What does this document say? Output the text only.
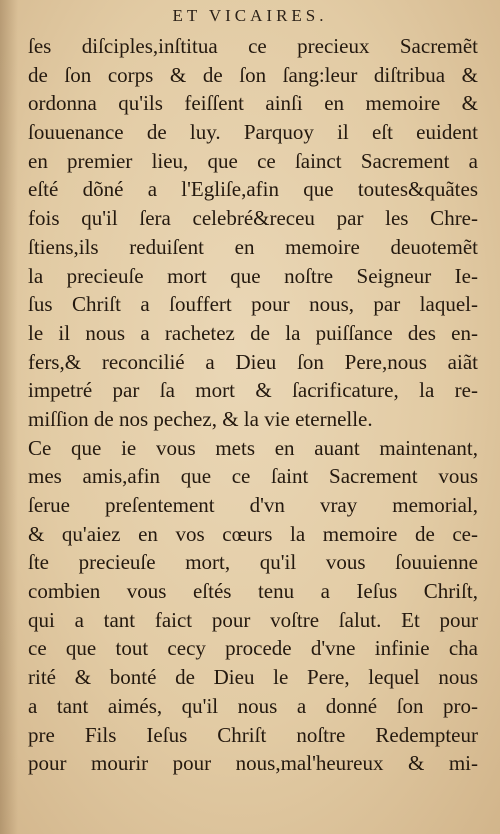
ET VICAIRES.
ſes diſciples,inſtitua ce precieux Sacremẽt
de ſon corps & de ſon ſang:leur diſtribua &
ordonna qu'ils feiſſent ainſi en memoire &
ſouuenance de luy. Parquoy il eſt euident
en premier lieu, que ce ſainct Sacrement a
eſté dõné a l'Egliſe,afin que toutes&quãtes
fois qu'il ſera celebré&receu par les Chre-
ſtiens,ils reduiſent en memoire deuotemẽt
la precieuſe mort que noſtre Seigneur Ie-
ſus Chriſt a ſouffert pour nous, par laquel-
le il nous a rachetez de la puiſſance des en-
fers,& reconcilié a Dieu ſon Pere,nous aiãt
impetré par ſa mort & ſacrificature, la re-
miſſion de nos pechez, & la vie eternelle.
Ce que ie vous mets en auant maintenant,
mes amis,afin que ce ſaint Sacrement vous
ſerue preſentement d'vn vray memorial,
& qu'aiez en vos cœurs la memoire de ce-
ſte precieuſe mort, qu'il vous ſouuienne
combien vous eſtés tenu a Ieſus Chriſt,
qui a tant faict pour voſtre ſalut. Et pour
ce que tout cecy procede d'vne infinie cha
rité & bonté de Dieu le Pere, lequel nous
a tant aimés, qu'il nous a donné ſon pro-
pre Fils Ieſus Chriſt noſtre Redempteur
pour mourir pour nous,mal'heureux & mi-
